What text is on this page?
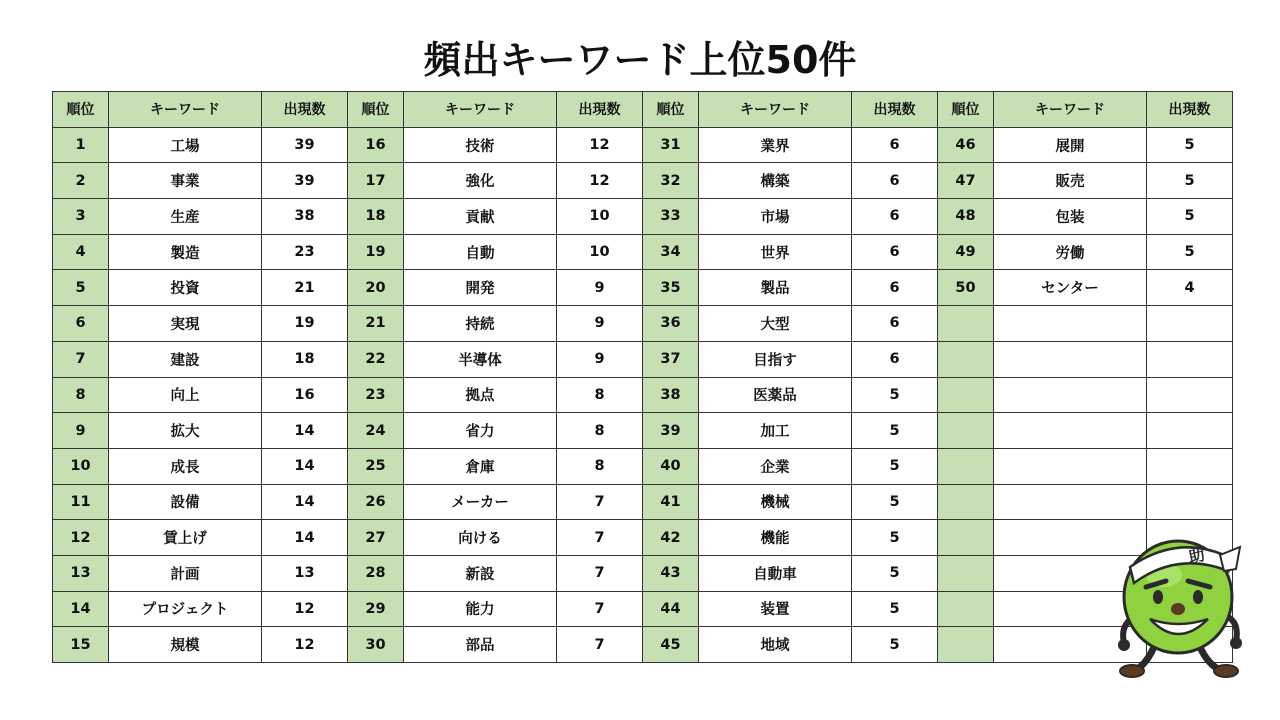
頻出キーワード上位50件
順位	キーワード	出現数	順位	キーワード	出現数	順位	キーワード	出現数	順位	キーワード	出現数
1	工場	39	16	技術	12	31	業界	6	46	展開	5
2	事業	39	17	強化	12	32	構築	6	47	販売	5
3	生産	38	18	貢献	10	33	市場	6	48	包装	5
4	製造	23	19	自動	10	34	世界	6	49	労働	5
5	投資	21	20	開発	9	35	製品	6	50	センター	4
6	実現	19	21	持続	9	36	大型	6			
7	建設	18	22	半導体	9	37	目指す	6			
8	向上	16	23	拠点	8	38	医薬品	5			
9	拡大	14	24	省力	8	39	加工	5			
10	成長	14	25	倉庫	8	40	企業	5			
11	設備	14	26	メーカー	7	41	機械	5			
12	賃上げ	14	27	向ける	7	42	機能	5			
13	計画	13	28	新設	7	43	自動車	5			
14	プロジェクト	12	29	能力	7	44	装置	5			
15	規模	12	30	部品	7	45	地域	5			
助
